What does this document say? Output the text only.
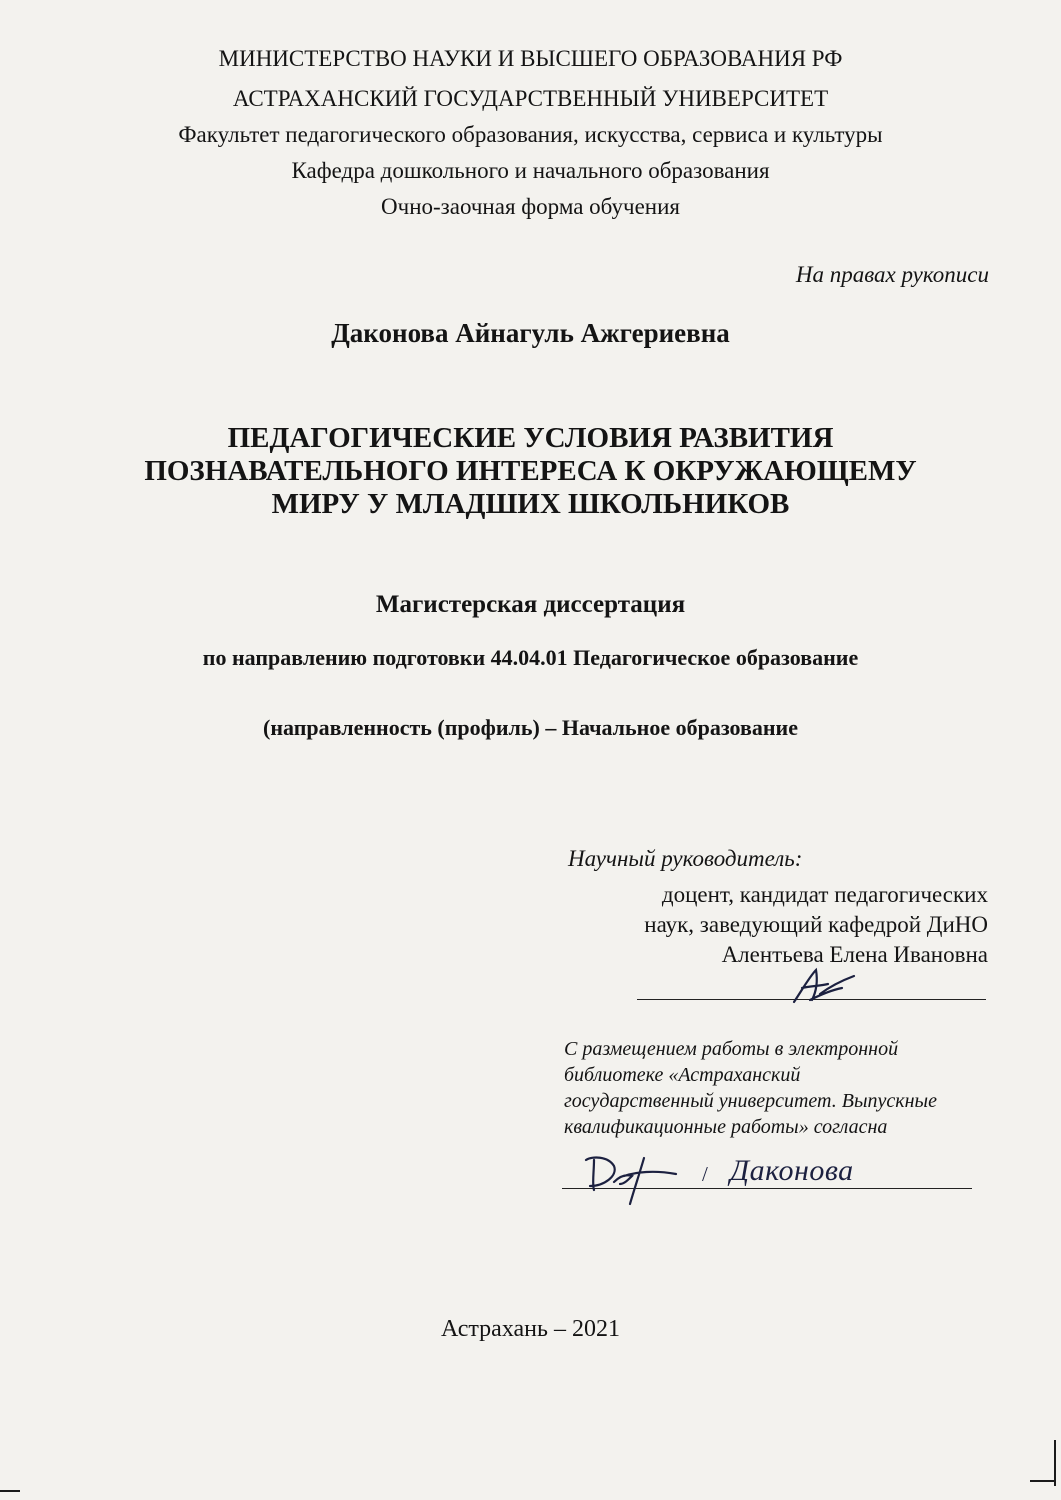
МИНИСТЕРСТВО НАУКИ И ВЫСШЕГО ОБРАЗОВАНИЯ РФ
АСТРАХАНСКИЙ ГОСУДАРСТВЕННЫЙ УНИВЕРСИТЕТ
Факультет педагогического образования, искусства, сервиса и культуры
Кафедра дошкольного и начального образования
Очно-заочная форма обучения
На правах рукописи
Даконова Айнагуль Ажгериевна
ПЕДАГОГИЧЕСКИЕ УСЛОВИЯ РАЗВИТИЯ
ПОЗНАВАТЕЛЬНОГО ИНТЕРЕСА К ОКРУЖАЮЩЕМУ
МИРУ У МЛАДШИХ ШКОЛЬНИКОВ
Магистерская диссертация
по направлению подготовки 44.04.01 Педагогическое образование
(направленность (профиль) – Начальное образование
Научный руководитель:
доцент, кандидат педагогических
наук, заведующий кафедрой ДиНО
Алентьева Елена Ивановна
С размещением работы в электронной
библиотеке «Астраханский
государственный университет. Выпускные
квалификационные работы» согласна
/ Даконова
Астрахань – 2021
